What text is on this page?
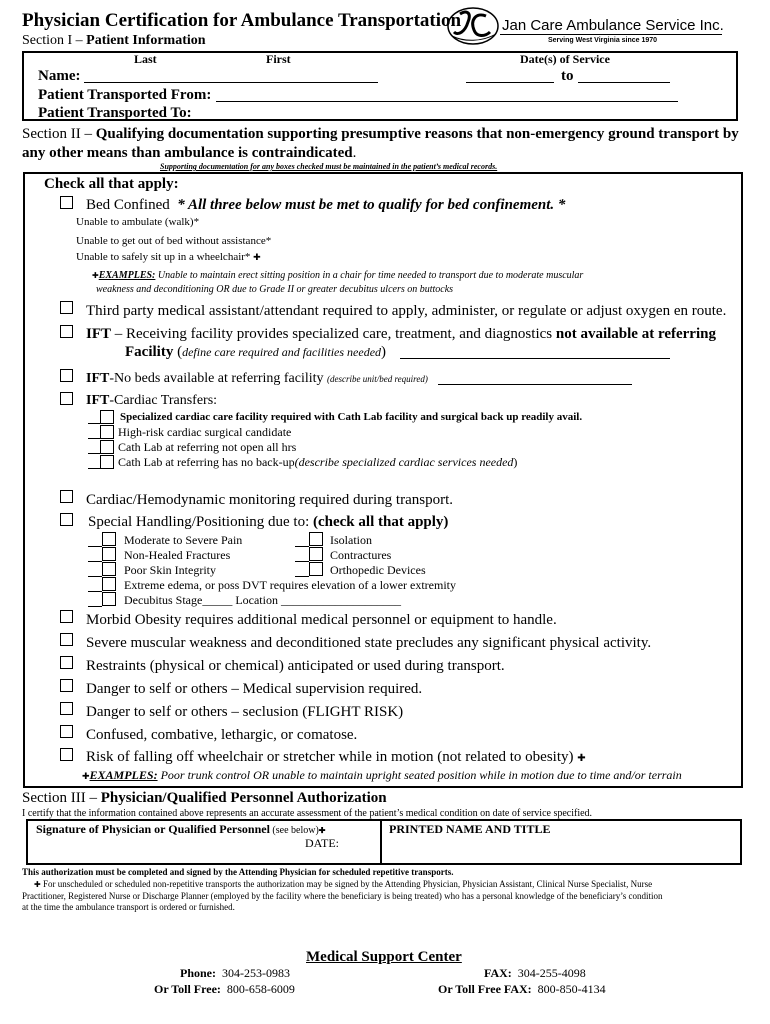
Physician Certification for Ambulance Transportation	Jan Care Ambulance Service Inc.
Serving West Virginia since 1970
Section I – Patient Information
Last	First	Date(s) of Service
Name:	to
Patient Transported From:
Patient Transported To:
Section II – Qualifying documentation supporting presumptive reasons that non-emergency ground transport by
any other means than ambulance is contraindicated.
Supporting documentation for any boxes checked must be maintained in the patient’s medical records.
Check all that apply:
Bed Confined * All three below must be met to qualify for bed confinement. *
Unable to ambulate (walk)*
Unable to get out of bed without assistance*
Unable to safely sit up in a wheelchair* ✚
✚EXAMPLES: Unable to maintain erect sitting position in a chair for time needed to transport due to moderate muscular
weakness and deconditioning OR due to Grade II or greater decubitus ulcers on buttocks
Third party medical assistant/attendant required to apply, administer, or regulate or adjust oxygen en route.
IFT – Receiving facility provides specialized care, treatment, and diagnostics not available at referring
Facility (define care required and facilities needed)
IFT-No beds available at referring facility (describe unit/bed required)
IFT-Cardiac Transfers:
Specialized cardiac care facility required with Cath Lab facility and surgical back up readily avail.
High-risk cardiac surgical candidate
Cath Lab at referring not open all hrs
Cath Lab at referring has no back-up(describe specialized cardiac services needed)
Cardiac/Hemodynamic monitoring required during transport.
Special Handling/Positioning due to: (check all that apply)
Moderate to Severe Pain	Isolation
Non-Healed Fractures	Contractures
Poor Skin Integrity	Orthopedic Devices
Extreme edema, or poss DVT requires elevation of a lower extremity
Decubitus Stage_____ Location ____________________
Morbid Obesity requires additional medical personnel or equipment to handle.
Severe muscular weakness and deconditioned state precludes any significant physical activity.
Restraints (physical or chemical) anticipated or used during transport.
Danger to self or others – Medical supervision required.
Danger to self or others – seclusion (FLIGHT RISK)
Confused, combative, lethargic, or comatose.
Risk of falling off wheelchair or stretcher while in motion (not related to obesity) ✚
✚EXAMPLES: Poor trunk control OR unable to maintain upright seated position while in motion due to time and/or terrain
Section III – Physician/Qualified Personnel Authorization
I certify that the information contained above represents an accurate assessment of the patient’s medical condition on date of service specified.
Signature of Physician or Qualified Personnel (see below)✚
DATE:
PRINTED NAME AND TITLE
This authorization must be completed and signed by the Attending Physician for scheduled repetitive transports.
✚ For unscheduled or scheduled non-repetitive transports the authorization may be signed by the Attending Physician, Physician Assistant, Clinical Nurse Specialist, Nurse
Practitioner, Registered Nurse or Discharge Planner (employed by the facility where the beneficiary is being treated) who has a personal knowledge of the beneficiary’s condition
at the time the ambulance transport is ordered or furnished.
Medical Support Center
Phone: 304-253-0983
Or Toll Free: 800-658-6009
FAX: 304-255-4098
Or Toll Free FAX: 800-850-4134
